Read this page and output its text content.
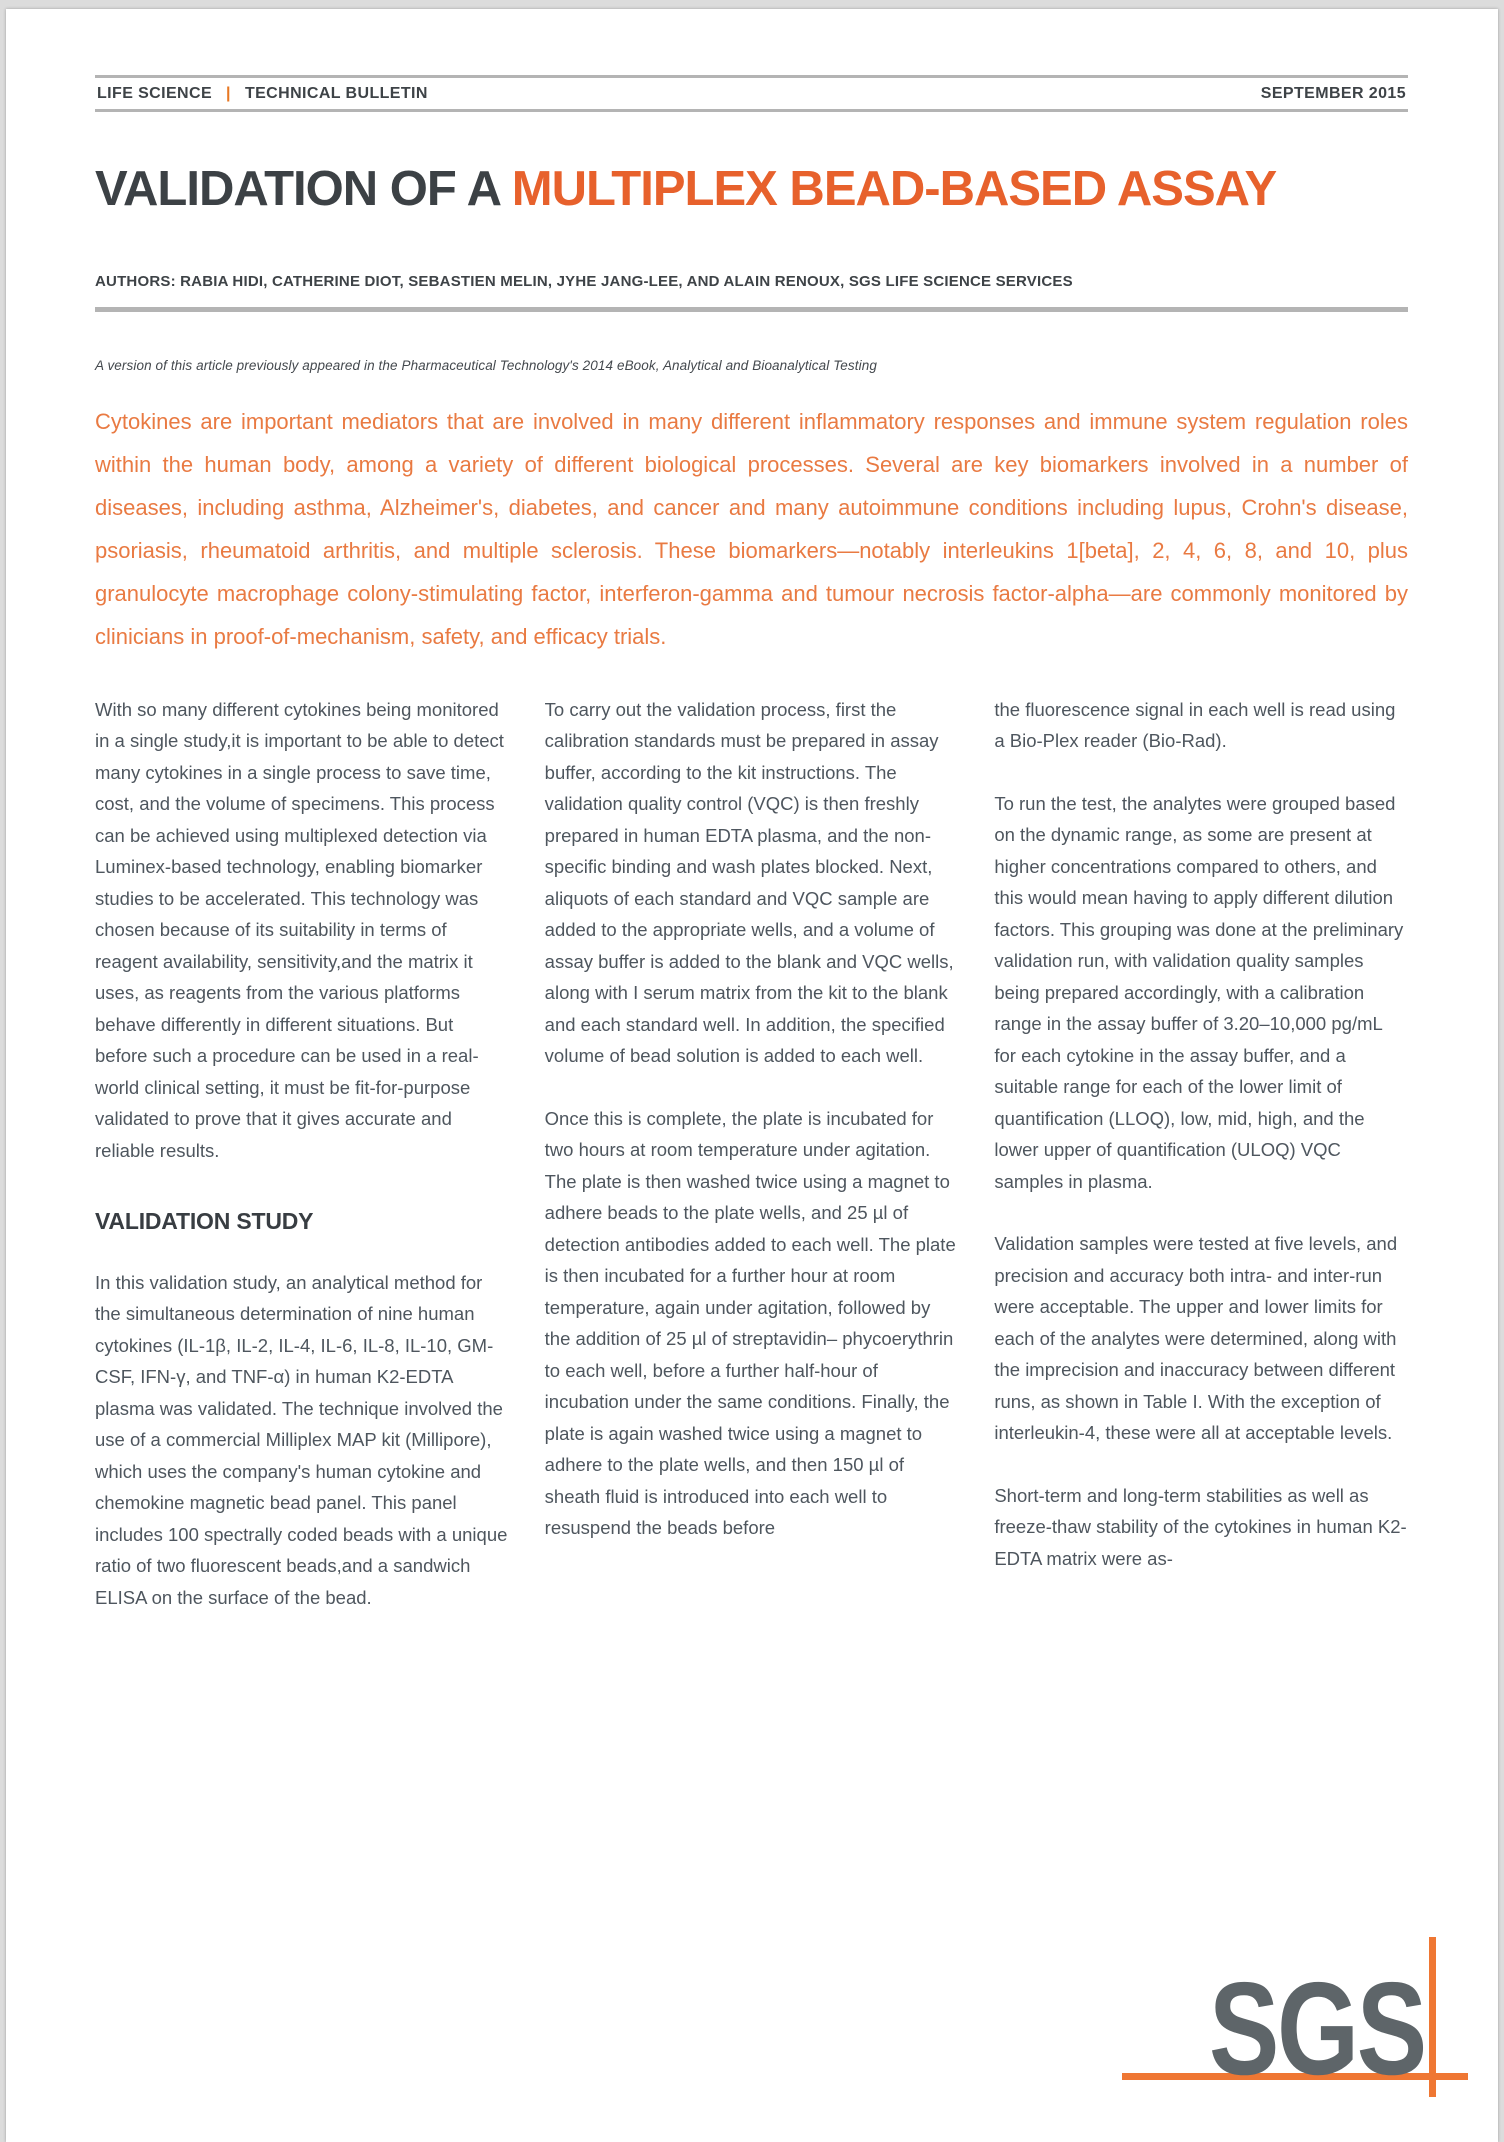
LIFE SCIENCE | TECHNICAL BULLETIN	SEPTEMBER 2015
VALIDATION OF A MULTIPLEX BEAD-BASED ASSAY
AUTHORS: RABIA HIDI, CATHERINE DIOT, SEBASTIEN MELIN, JYHE JANG-LEE, AND ALAIN RENOUX, SGS LIFE SCIENCE SERVICES
A version of this article previously appeared in the Pharmaceutical Technology's 2014 eBook, Analytical and Bioanalytical Testing
Cytokines are important mediators that are involved in many different inflammatory responses and immune system regulation roles within the human body, among a variety of different biological processes. Several are key biomarkers involved in a number of diseases, including asthma, Alzheimer's, diabetes, and cancer and many autoimmune conditions including lupus, Crohn's disease, psoriasis, rheumatoid arthritis, and multiple sclerosis. These biomarkers—notably interleukins 1[beta], 2, 4, 6, 8, and 10, plus granulocyte macrophage colony-stimulating factor, interferon-gamma and tumour necrosis factor-alpha—are commonly monitored by clinicians in proof-of-mechanism, safety, and efficacy trials.

With so many different cytokines being monitored in a single study,it is important to be able to detect many cytokines in a single process to save time, cost, and the volume of specimens. This process can be achieved using multiplexed detection via Luminex-based technology, enabling biomarker studies to be accelerated. This technology was chosen because of its suitability in terms of reagent availability, sensitivity,and the matrix it uses, as reagents from the various platforms behave differently in different situations. But before such a procedure can be used in a real-world clinical setting, it must be fit-for-purpose validated to prove that it gives accurate and reliable results.

VALIDATION STUDY

In this validation study, an analytical method for the simultaneous determination of nine human cytokines (IL-1β, IL-2, IL-4, IL-6, IL-8, IL-10, GM-CSF, IFN-γ, and TNF-α) in human K2-EDTA plasma was validated. The technique involved the use of a commercial Milliplex MAP kit (Millipore), which uses the company's human cytokine and chemokine magnetic bead panel. This panel includes 100 spectrally coded beads with a unique ratio of two fluorescent beads,and a sandwich ELISA on the surface of the bead.

To carry out the validation process, first the calibration standards must be prepared in assay buffer, according to the kit instructions. The validation quality control (VQC) is then freshly prepared in human EDTA plasma, and the non-specific binding and wash plates blocked. Next, aliquots of each standard and VQC sample are added to the appropriate wells, and a volume of assay buffer is added to the blank and VQC wells, along with I serum matrix from the kit to the blank and each standard well. In addition, the specified volume of bead solution is added to each well.

Once this is complete, the plate is incubated for two hours at room temperature under agitation. The plate is then washed twice using a magnet to adhere beads to the plate wells, and 25 µl of detection antibodies added to each well. The plate is then incubated for a further hour at room temperature, again under agitation, followed by the addition of 25 µl of streptavidin– phycoerythrin to each well, before a further half-hour of incubation under the same conditions. Finally, the plate is again washed twice using a magnet to adhere to the plate wells, and then 150 µl of sheath fluid is introduced into each well to resuspend the beads before

the fluorescence signal in each well is read using a Bio-Plex reader (Bio-Rad).

To run the test, the analytes were grouped based on the dynamic range, as some are present at higher concentrations compared to others, and this would mean having to apply different dilution factors. This grouping was done at the preliminary validation run, with validation quality samples being prepared accordingly, with a calibration range in the assay buffer of 3.20–10,000 pg/mL for each cytokine in the assay buffer, and a suitable range for each of the lower limit of quantification (LLOQ), low, mid, high, and the lower upper of quantification (ULOQ) VQC samples in plasma.

Validation samples were tested at five levels, and precision and accuracy both intra- and inter-run were acceptable. The upper and lower limits for each of the analytes were determined, along with the imprecision and inaccuracy between different runs, as shown in Table I. With the exception of interleukin-4, these were all at acceptable levels.

Short-term and long-term stabilities as well as freeze-thaw stability of the cytokines in human K2-EDTA matrix were as-

SGS
